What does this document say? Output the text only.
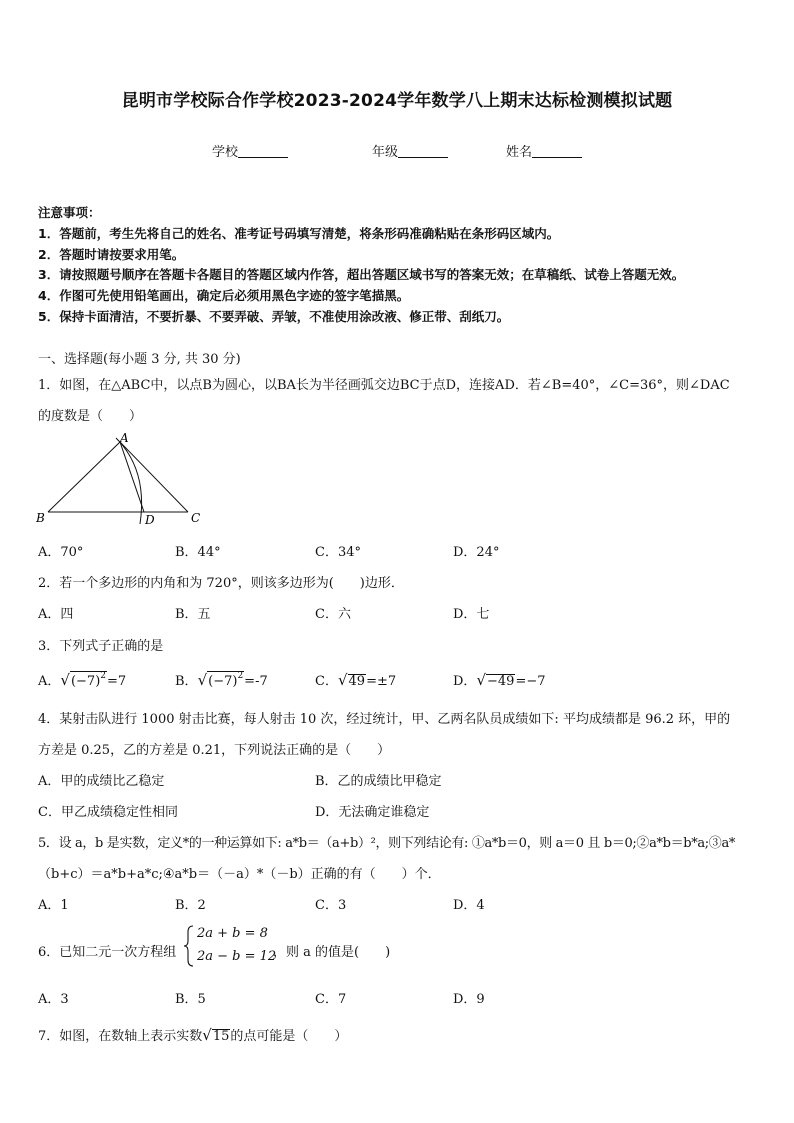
昆明市学校际合作学校2023-2024学年数学八上期末达标检测模拟试题
学校	年级	姓名
注意事项：
1．答题前，考生先将自己的姓名、准考证号码填写清楚，将条形码准确粘贴在条形码区域内。
2．答题时请按要求用笔。
3．请按照题号顺序在答题卡各题目的答题区域内作答，超出答题区域书写的答案无效；在草稿纸、试卷上答题无效。
4．作图可先使用铅笔画出，确定后必须用黑色字迹的签字笔描黑。
5．保持卡面清洁，不要折暴、不要弄破、弄皱，不准使用涂改液、修正带、刮纸刀。
一、选择题(每小题 3 分, 共 30 分)
1．如图，在△ABC中，以点B为圆心，以BA长为半径画弧交边BC于点D，连接AD．若∠B=40°，∠C=36°，则∠DAC
的度数是（　　）
A
B	C
D
A．70°	B．44°	C．34°	D．24°
2．若一个多边形的内角和为 720°，则该多边形为(　　)边形．
A．四	B．五	C．六	D．七
3．下列式子正确的是
A．$√(-7)^2=7$	B．$√(-7)^2=-7$	C．√49=±7	D．√−49=−7
4．某射击队进行 1000 射击比赛，每人射击 10 次，经过统计，甲、乙两名队员成绩如下: 平均成绩都是 96.2 环，甲的
方差是 0.25，乙的方差是 0.21，下列说法正确的是（　　）
A．甲的成绩比乙稳定	B．乙的成绩比甲稳定
C．甲乙成绩稳定性相同	D．无法确定谁稳定
5．设 a，b 是实数，定义*的一种运算如下: a*b＝（a+b）²，则下列结论有: ①a*b＝0，则 a＝0 且 b＝0;②a*b＝b*a;③a*
（b+c）＝a*b+a*c;④a*b＝（－a）*（－b）正确的有（　　）个．
A．1	B．2	C．3	D．4
6．已知二元一次方程组
2a + b = 8
2a − b = 12
，则 a 的值是(　　)
A．3	B．5	C．7	D．9
7．如图，在数轴上表示实数√15的点可能是（　　）
